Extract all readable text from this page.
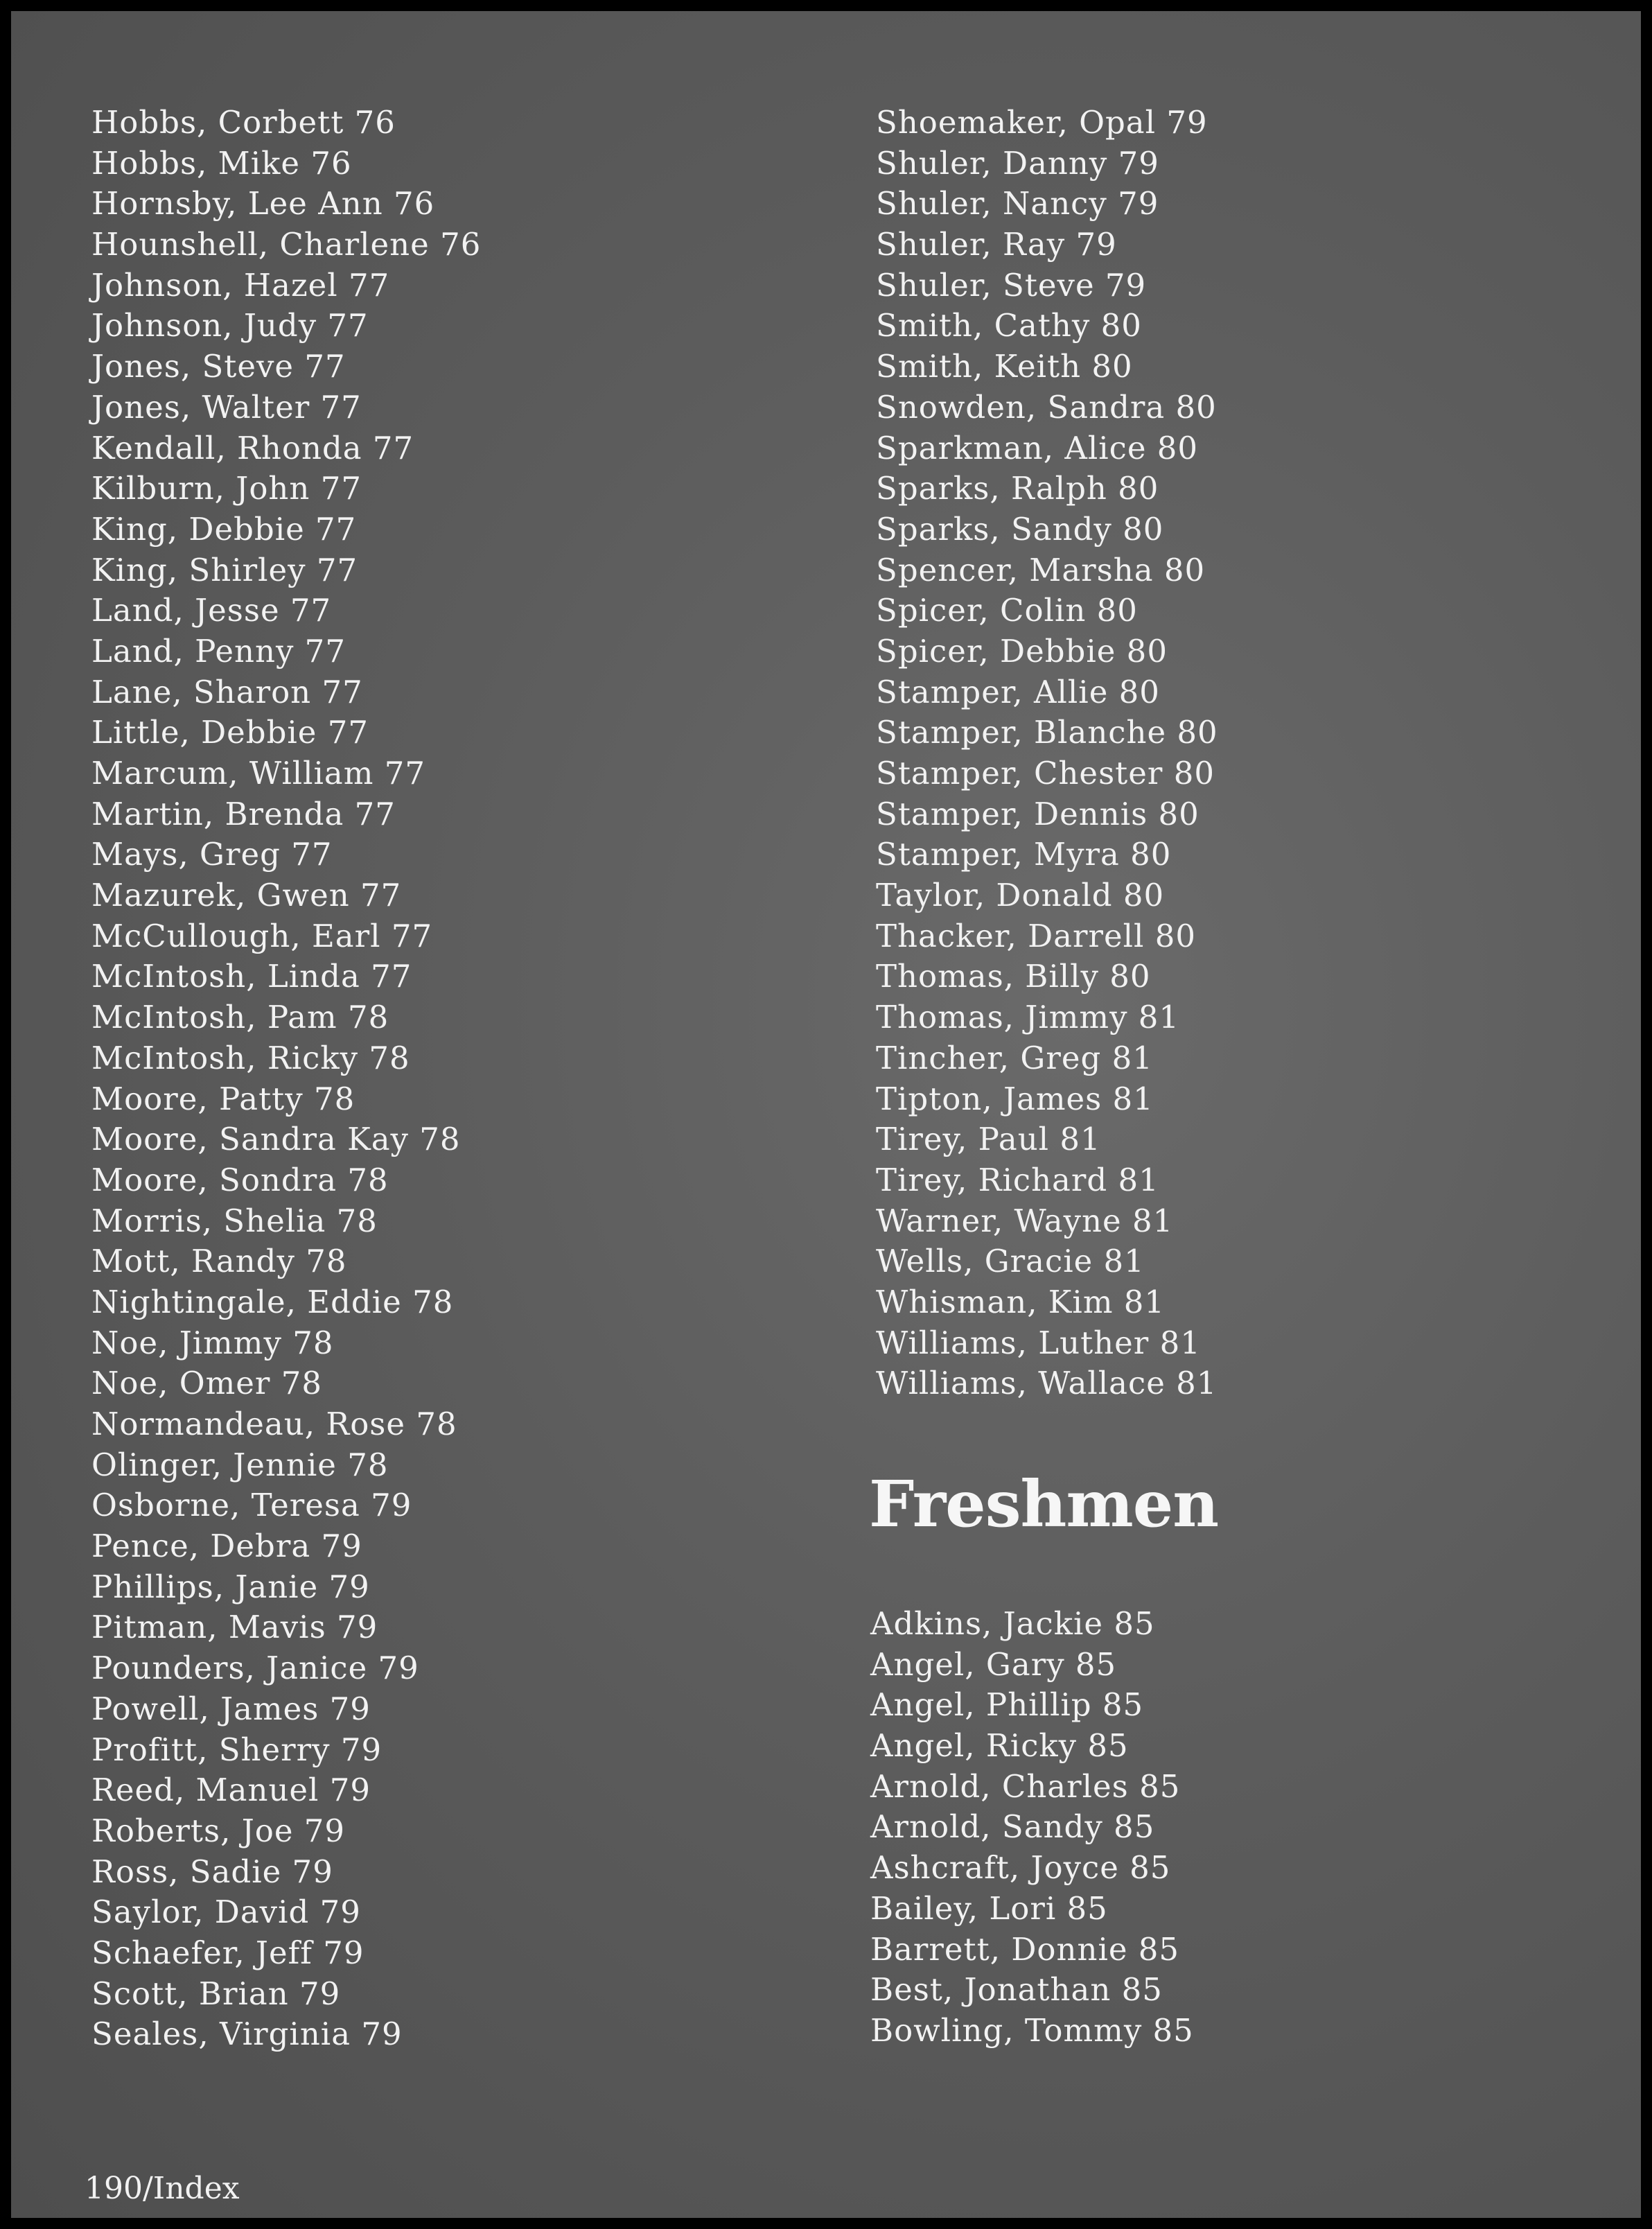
Hobbs, Corbett 76
Hobbs, Mike 76
Hornsby, Lee Ann 76
Hounshell, Charlene 76
Johnson, Hazel 77
Johnson, Judy 77
Jones, Steve 77
Jones, Walter 77
Kendall, Rhonda 77
Kilburn, John 77
King, Debbie 77
King, Shirley 77
Land, Jesse 77
Land, Penny 77
Lane, Sharon 77
Little, Debbie 77
Marcum, William 77
Martin, Brenda 77
Mays, Greg 77
Mazurek, Gwen 77
McCullough, Earl 77
McIntosh, Linda 77
McIntosh, Pam 78
McIntosh, Ricky 78
Moore, Patty 78
Moore, Sandra Kay 78
Moore, Sondra 78
Morris, Shelia 78
Mott, Randy 78
Nightingale, Eddie 78
Noe, Jimmy 78
Noe, Omer 78
Normandeau, Rose 78
Olinger, Jennie 78
Osborne, Teresa 79
Pence, Debra 79
Phillips, Janie 79
Pitman, Mavis 79
Pounders, Janice 79
Powell, James 79
Profitt, Sherry 79
Reed, Manuel 79
Roberts, Joe 79
Ross, Sadie 79
Saylor, David 79
Schaefer, Jeff 79
Scott, Brian 79
Seales, Virginia 79
Shoemaker, Opal 79
Shuler, Danny 79
Shuler, Nancy 79
Shuler, Ray 79
Shuler, Steve 79
Smith, Cathy 80
Smith, Keith 80
Snowden, Sandra 80
Sparkman, Alice 80
Sparks, Ralph 80
Sparks, Sandy 80
Spencer, Marsha 80
Spicer, Colin 80
Spicer, Debbie 80
Stamper, Allie 80
Stamper, Blanche 80
Stamper, Chester 80
Stamper, Dennis 80
Stamper, Myra 80
Taylor, Donald 80
Thacker, Darrell 80
Thomas, Billy 80
Thomas, Jimmy 81
Tincher, Greg 81
Tipton, James 81
Tirey, Paul 81
Tirey, Richard 81
Warner, Wayne 81
Wells, Gracie 81
Whisman, Kim 81
Williams, Luther 81
Williams, Wallace 81
Freshmen
Adkins, Jackie 85
Angel, Gary 85
Angel, Phillip 85
Angel, Ricky 85
Arnold, Charles 85
Arnold, Sandy 85
Ashcraft, Joyce 85
Bailey, Lori 85
Barrett, Donnie 85
Best, Jonathan 85
Bowling, Tommy 85
190/Index
